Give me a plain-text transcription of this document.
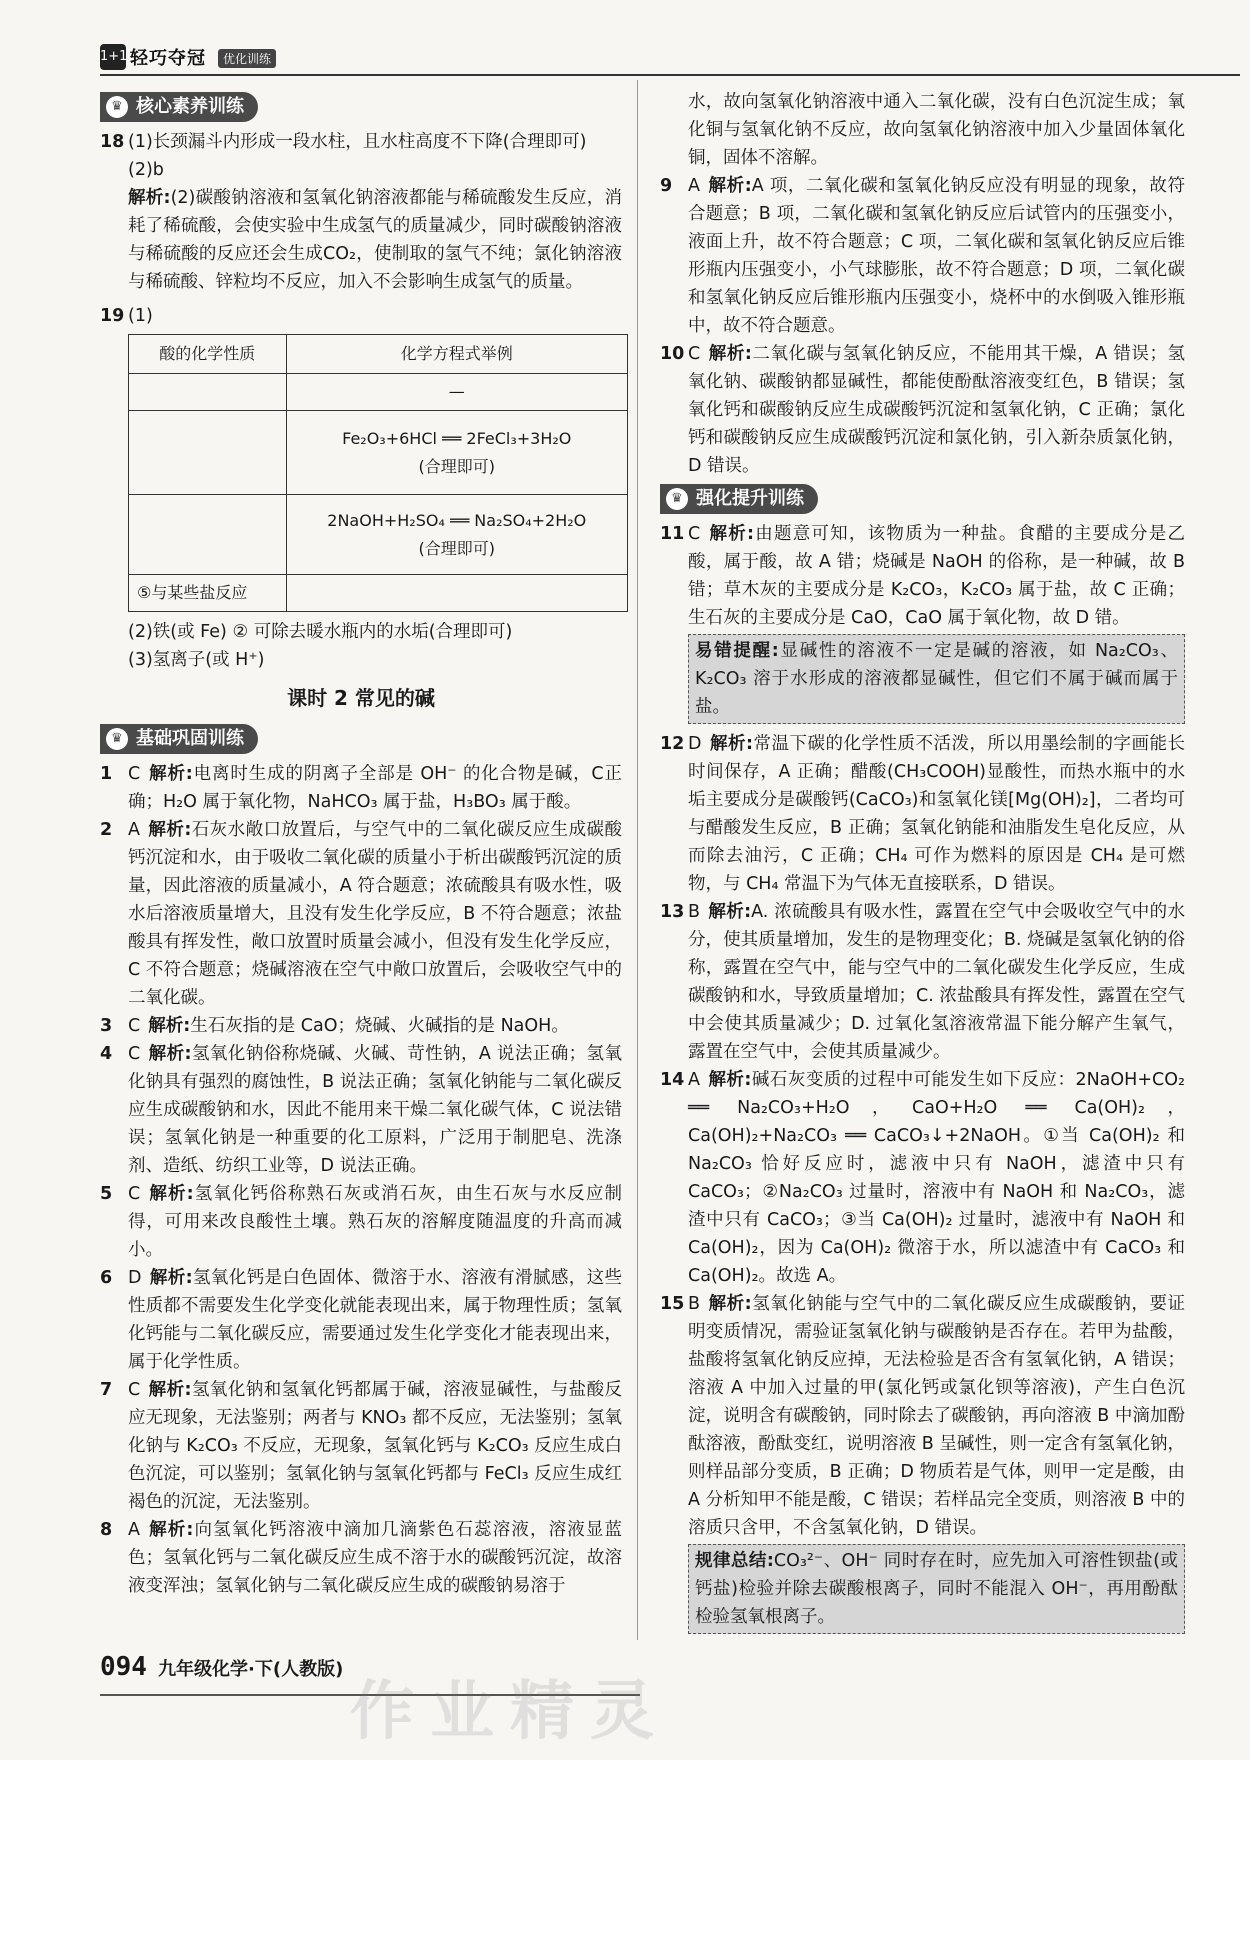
1+1 轻巧夺冠	优化训练
♛ 核心素养训练
18 (1)长颈漏斗内形成一段水柱，且水柱高度不下降(合理即可)

(2)b

解析:(2)碳酸钠溶液和氢氧化钠溶液都能与稀硫酸发生反应，消耗了稀硫酸，会使实验中生成氢气的质量减少，同时碳酸钠溶液与稀硫酸的反应还会生成CO₂，使制取的氢气不纯；氯化钠溶液与稀硫酸、锌粒均不反应，加入不会影响生成氢气的质量。

19 (1)

酸的化学性质	化学方程式举例
	—

	Fe₂O₃+6HCl ══ 2FeCl₃+3H₂O
(合理即可)

	2NaOH+H₂SO₄ ══ Na₂SO₄+2H₂O
(合理即可)

⑤与某些盐反应	

(2)铁(或 Fe) ② 可除去暖水瓶内的水垢(合理即可)

(3)氢离子(或 H⁺)

课时 2 常见的碱
♛ 基础巩固训练
1 C 解析:电离时生成的阴离子全部是 OH⁻ 的化合物是碱，C正确；H₂O 属于氧化物，NaHCO₃ 属于盐，H₃BO₃ 属于酸。

2 A 解析:石灰水敞口放置后，与空气中的二氧化碳反应生成碳酸钙沉淀和水，由于吸收二氧化碳的质量小于析出碳酸钙沉淀的质量，因此溶液的质量减小，A 符合题意；浓硫酸具有吸水性，吸水后溶液质量增大，且没有发生化学反应，B 不符合题意；浓盐酸具有挥发性，敞口放置时质量会减小，但没有发生化学反应，C 不符合题意；烧碱溶液在空气中敞口放置后，会吸收空气中的二氧化碳。

3 C 解析:生石灰指的是 CaO；烧碱、火碱指的是 NaOH。

4 C 解析:氢氧化钠俗称烧碱、火碱、苛性钠，A 说法正确；氢氧化钠具有强烈的腐蚀性，B 说法正确；氢氧化钠能与二氧化碳反应生成碳酸钠和水，因此不能用来干燥二氧化碳气体，C 说法错误；氢氧化钠是一种重要的化工原料，广泛用于制肥皂、洗涤剂、造纸、纺织工业等，D 说法正确。

5 C 解析:氢氧化钙俗称熟石灰或消石灰，由生石灰与水反应制得，可用来改良酸性土壤。熟石灰的溶解度随温度的升高而减小。

6 D 解析:氢氧化钙是白色固体、微溶于水、溶液有滑腻感，这些性质都不需要发生化学变化就能表现出来，属于物理性质；氢氧化钙能与二氧化碳反应，需要通过发生化学变化才能表现出来，属于化学性质。

7 C 解析:氢氧化钠和氢氧化钙都属于碱，溶液显碱性，与盐酸反应无现象，无法鉴别；两者与 KNO₃ 都不反应，无法鉴别；氢氧化钠与 K₂CO₃ 不反应，无现象，氢氧化钙与 K₂CO₃ 反应生成白色沉淀，可以鉴别；氢氧化钠与氢氧化钙都与 FeCl₃ 反应生成红褐色的沉淀，无法鉴别。

8 A 解析:向氢氧化钙溶液中滴加几滴紫色石蕊溶液，溶液显蓝色；氢氧化钙与二氧化碳反应生成不溶于水的碳酸钙沉淀，故溶液变浑浊；氢氧化钠与二氧化碳反应生成的碳酸钠易溶于

水，故向氢氧化钠溶液中通入二氧化碳，没有白色沉淀生成；氧化铜与氢氧化钠不反应，故向氢氧化钠溶液中加入少量固体氧化铜，固体不溶解。

9 A 解析:A 项，二氧化碳和氢氧化钠反应没有明显的现象，故符合题意；B 项，二氧化碳和氢氧化钠反应后试管内的压强变小，液面上升，故不符合题意；C 项，二氧化碳和氢氧化钠反应后锥形瓶内压强变小，小气球膨胀，故不符合题意；D 项，二氧化碳和氢氧化钠反应后锥形瓶内压强变小，烧杯中的水倒吸入锥形瓶中，故不符合题意。

10 C 解析:二氧化碳与氢氧化钠反应，不能用其干燥，A 错误；氢氧化钠、碳酸钠都显碱性，都能使酚酞溶液变红色，B 错误；氢氧化钙和碳酸钠反应生成碳酸钙沉淀和氢氧化钠，C 正确；氯化钙和碳酸钠反应生成碳酸钙沉淀和氯化钠，引入新杂质氯化钠，D 错误。

♛ 强化提升训练
11 C 解析:由题意可知，该物质为一种盐。食醋的主要成分是乙酸，属于酸，故 A 错；烧碱是 NaOH 的俗称，是一种碱，故 B 错；草木灰的主要成分是 K₂CO₃，K₂CO₃ 属于盐，故 C 正确；生石灰的主要成分是 CaO，CaO 属于氧化物，故 D 错。

易错提醒:显碱性的溶液不一定是碱的溶液，如 Na₂CO₃、K₂CO₃ 溶于水形成的溶液都显碱性，但它们不属于碱而属于盐。
12 D 解析:常温下碳的化学性质不活泼，所以用墨绘制的字画能长时间保存，A 正确；醋酸(CH₃COOH)显酸性，而热水瓶中的水垢主要成分是碳酸钙(CaCO₃)和氢氧化镁[Mg(OH)₂]，二者均可与醋酸发生反应，B 正确；氢氧化钠能和油脂发生皂化反应，从而除去油污，C 正确；CH₄ 可作为燃料的原因是 CH₄ 是可燃物，与 CH₄ 常温下为气体无直接联系，D 错误。

13 B 解析:A. 浓硫酸具有吸水性，露置在空气中会吸收空气中的水分，使其质量增加，发生的是物理变化；B. 烧碱是氢氧化钠的俗称，露置在空气中，能与空气中的二氧化碳发生化学反应，生成碳酸钠和水，导致质量增加；C. 浓盐酸具有挥发性，露置在空气中会使其质量减少；D. 过氧化氢溶液常温下能分解产生氧气，露置在空气中，会使其质量减少。

14 A 解析:碱石灰变质的过程中可能发生如下反应：2NaOH+CO₂ ══ Na₂CO₃+H₂O，CaO+H₂O ══ Ca(OH)₂，Ca(OH)₂+Na₂CO₃ ══ CaCO₃↓+2NaOH。①当 Ca(OH)₂ 和 Na₂CO₃ 恰好反应时，滤液中只有 NaOH，滤渣中只有 CaCO₃；②Na₂CO₃ 过量时，溶液中有 NaOH 和 Na₂CO₃，滤渣中只有 CaCO₃；③当 Ca(OH)₂ 过量时，滤液中有 NaOH 和 Ca(OH)₂，因为 Ca(OH)₂ 微溶于水，所以滤渣中有 CaCO₃ 和 Ca(OH)₂。故选 A。

15 B 解析:氢氧化钠能与空气中的二氧化碳反应生成碳酸钠，要证明变质情况，需验证氢氧化钠与碳酸钠是否存在。若甲为盐酸，盐酸将氢氧化钠反应掉，无法检验是否含有氢氧化钠，A 错误；溶液 A 中加入过量的甲(氯化钙或氯化钡等溶液)，产生白色沉淀，说明含有碳酸钠，同时除去了碳酸钠，再向溶液 B 中滴加酚酞溶液，酚酞变红，说明溶液 B 呈碱性，则一定含有氢氧化钠，则样品部分变质，B 正确；D 物质若是气体，则甲一定是酸，由 A 分析知甲不能是酸，C 错误；若样品完全变质，则溶液 B 中的溶质只含甲，不含氢氧化钠，D 错误。

规律总结:CO₃²⁻、OH⁻ 同时存在时，应先加入可溶性钡盐(或钙盐)检验并除去碳酸根离子，同时不能混入 OH⁻，再用酚酞检验氢氧根离子。
094 九年级化学·下(人教版)
作业精灵
